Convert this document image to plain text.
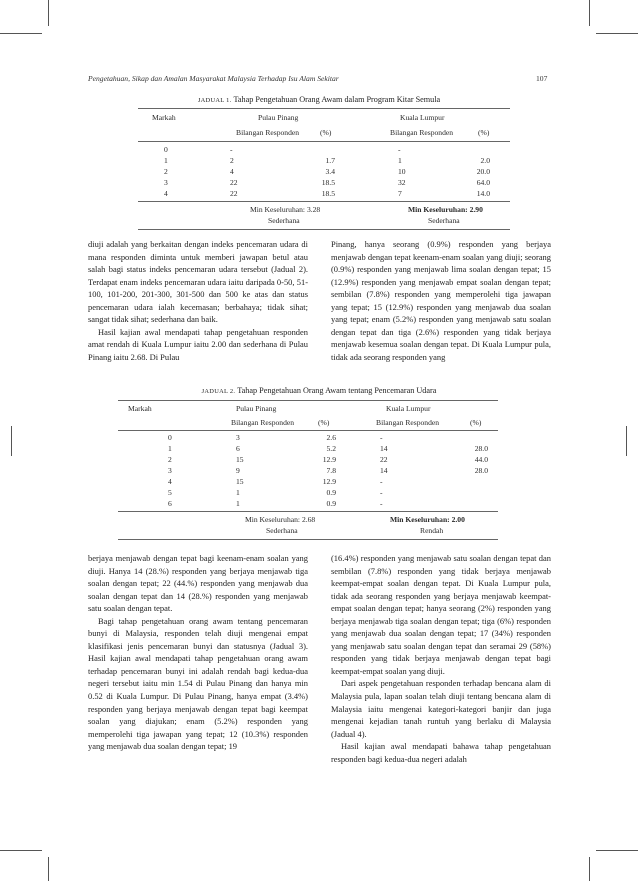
Pengetahuan, Sikap dan Amalan Masyarakat Malaysia Terhadap Isu Alam Sekitar	107
JADUAL 1. Tahap Pengetahuan Orang Awam dalam Program Kitar Semula
Markah	Pulau Pinang	Kuala Lumpur
Bilangan Responden	(%)	Bilangan Responden	(%)
0	-	-
1	2	1.7	1	2.0
2	4	3.4	10	20.0
3	22	18.5	32	64.0
4	22	18.5	7	14.0
Min Keseluruhan: 3.28
Sederhana
Min Keseluruhan: 2.90
Sederhana

diuji adalah yang berkaitan dengan indeks pencemaran udara di mana responden diminta untuk memberi jawapan betul atau salah bagi status indeks pencemaran udara tersebut (Jadual 2). Terdapat enam indeks pencemaran udara iaitu daripada 0-50, 51-100, 101-200, 201-300, 301-500 dan 500 ke atas dan status pencemaran udara ialah kecemasan; berbahaya; tidak sihat; sangat tidak sihat; sederhana dan baik.

Hasil kajian awal mendapati tahap pengetahuan responden amat rendah di Kuala Lumpur iaitu 2.00 dan sederhana di Pulau Pinang iaitu 2.68. Di Pulau

Pinang, hanya seorang (0.9%) responden yang berjaya menjawab dengan tepat keenam-enam soalan yang diuji; seorang (0.9%) responden yang menjawab lima soalan dengan tepat; 15 (12.9%) responden yang menjawab empat soalan dengan tepat; sembilan (7.8%) responden yang memperolehi tiga jawapan yang tepat; 15 (12.9%) responden yang menjawab dua soalan yang tepat; enam (5.2%) responden yang menjawab satu soalan dengan tepat dan tiga (2.6%) responden yang tidak berjaya menjawab kesemua soalan dengan tepat. Di Kuala Lumpur pula, tidak ada seorang responden yang

JADUAL 2. Tahap Pengetahuan Orang Awam tentang Pencemaran Udara
Markah	Pulau Pinang	Kuala Lumpur
Bilangan Responden	(%)	Bilangan Responden	(%)
0	3	2.6	-
1	6	5.2	14	28.0
2	15	12.9	22	44.0
3	9	7.8	14	28.0
4	15	12.9	-
5	1	0.9	-
6	1	0.9	-
Min Keseluruhan: 2.68
Sederhana
Min Keseluruhan: 2.00
Rendah

berjaya menjawab dengan tepat bagi keenam-enam soalan yang diuji. Hanya 14 (28.%) responden yang berjaya menjawab tiga soalan dengan tepat; 22 (44.%) responden yang menjawab dua soalan dengan tepat dan 14 (28.%) responden yang menjawab satu soalan dengan tepat.

Bagi tahap pengetahuan orang awam tentang pencemaran bunyi di Malaysia, responden telah diuji mengenai empat klasifikasi jenis pencemaran bunyi dan statusnya (Jadual 3). Hasil kajian awal mendapati tahap pengetahuan orang awam terhadap pencemaran bunyi ini adalah rendah bagi kedua-dua negeri tersebut iaitu min 1.54 di Pulau Pinang dan hanya min 0.52 di Kuala Lumpur. Di Pulau Pinang, hanya empat (3.4%) responden yang berjaya menjawab dengan tepat bagi keempat soalan yang diajukan; enam (5.2%) responden yang memperolehi tiga jawapan yang tepat; 12 (10.3%) responden yang menjawab dua soalan dengan tepat; 19

(16.4%) responden yang menjawab satu soalan dengan tepat dan sembilan (7.8%) responden yang tidak berjaya menjawab keempat-empat soalan dengan tepat. Di Kuala Lumpur pula, tidak ada seorang responden yang berjaya menjawab keempat-empat soalan dengan tepat; hanya seorang (2%) responden yang berjaya menjawab tiga soalan dengan tepat; tiga (6%) responden yang menjawab dua soalan dengan tepat; 17 (34%) responden yang menjawab satu soalan dengan tepat dan seramai 29 (58%) responden yang tidak berjaya menjawab dengan tepat bagi keempat-empat soalan yang diuji.

Dari aspek pengetahuan responden terhadap bencana alam di Malaysia pula, lapan soalan telah diuji tentang bencana alam di Malaysia iaitu mengenai kategori-kategori banjir dan juga mengenai kejadian tanah runtuh yang berlaku di Malaysia (Jadual 4).

Hasil kajian awal mendapati bahawa tahap pengetahuan responden bagi kedua-dua negeri adalah
